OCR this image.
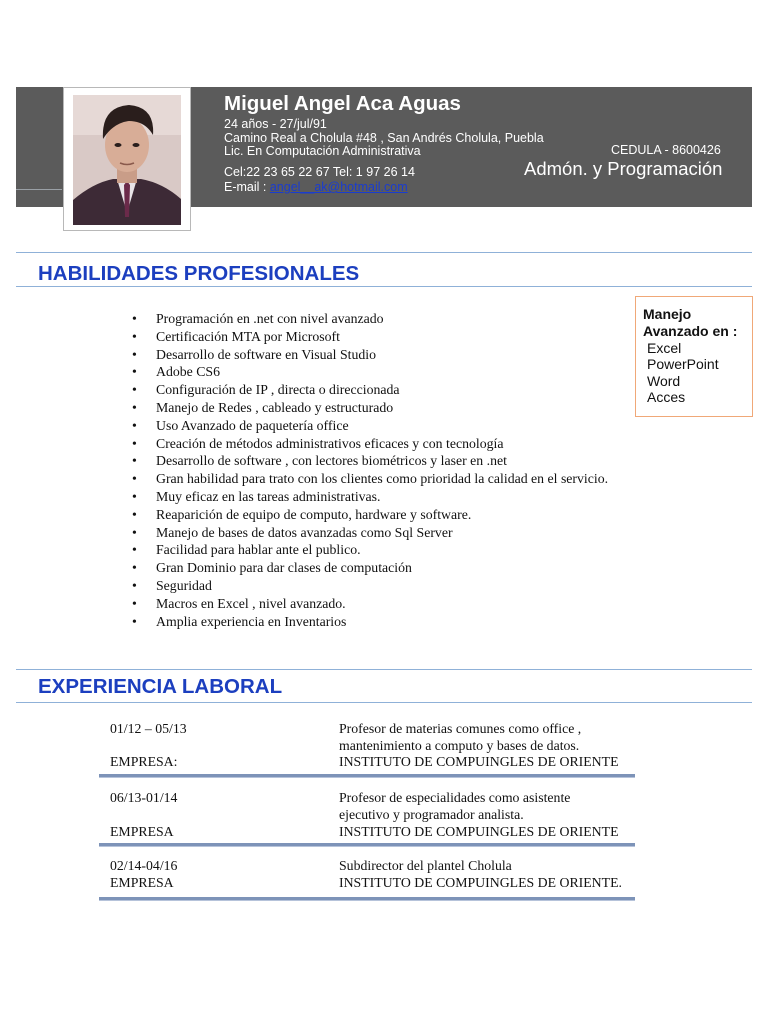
Miguel Angel Aca Aguas
24 años - 27/jul/91
Camino Real a Cholula #48 , San Andrés Cholula, Puebla
Lic. En Computación Administrativa	CEDULA - 8600426
Admón. y Programación
Cel:22 23 65 22 67 Tel: 1 97 26 14
E-mail : angel__ak@hotmail.com
HABILIDADES PROFESIONALES
• Programación en .net con nivel avanzado
• Certificación MTA por Microsoft
• Desarrollo de software en Visual Studio
• Adobe CS6
• Configuración de IP , directa o direccionada
• Manejo de Redes , cableado y estructurado
• Uso Avanzado de paquetería office
• Creación de métodos administrativos eficaces y con tecnología
• Desarrollo de software , con lectores biométricos y laser en .net
• Gran habilidad para trato con los clientes como prioridad la calidad en el servicio.
• Muy eficaz en las tareas administrativas.
• Reaparición de equipo de computo, hardware y software.
• Manejo de bases de datos avanzadas como Sql Server
• Facilidad para hablar ante el publico.
• Gran Dominio para dar clases de computación
• Seguridad
• Macros en Excel , nivel avanzado.
• Amplia experiencia en Inventarios
Manejo Avanzado en :
Excel
PowerPoint
Word
Acces
EXPERIENCIA LABORAL
01/12 – 05/13
EMPRESA:
Profesor de materias comunes como office ,
mantenimiento a computo y bases de datos.
INSTITUTO DE COMPUINGLES DE ORIENTE
06/13-01/14
EMPRESA
Profesor de especialidades como asistente
ejecutivo y programador analista.
INSTITUTO DE COMPUINGLES DE ORIENTE
02/14-04/16
EMPRESA
Subdirector del plantel Cholula
INSTITUTO DE COMPUINGLES DE ORIENTE.
